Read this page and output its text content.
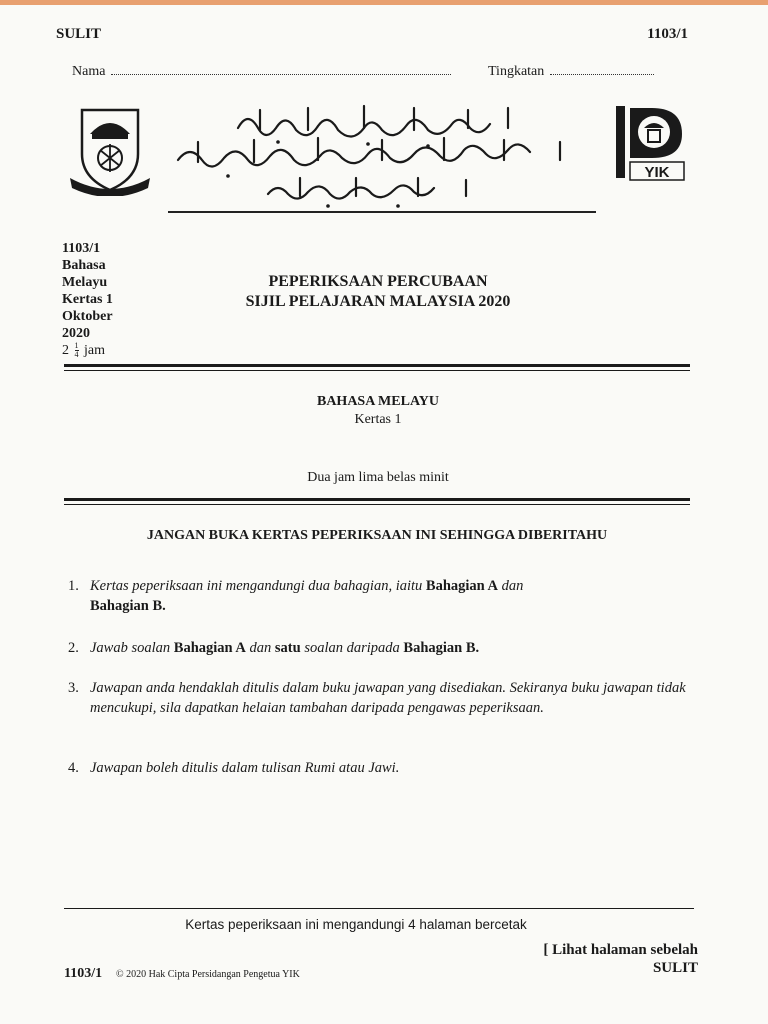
SULIT	1103/1
Nama	Tingkatan
YIK
1103/1
Bahasa
Melayu
Kertas 1
Oktober
2020
$2 \frac{1}{4}$ jam
PEPERIKSAAN PERCUBAAN
SIJIL PELAJARAN MALAYSIA 2020
BAHASA MELAYU
Kertas 1
Dua jam lima belas minit
JANGAN BUKA KERTAS PEPERIKSAAN INI SEHINGGA DIBERITAHU
1. Kertas peperiksaan ini mengandungi dua bahagian, iaitu Bahagian A dan
Bahagian B.
2. Jawab soalan Bahagian A dan satu soalan daripada Bahagian B.
3. Jawapan anda hendaklah ditulis dalam buku jawapan yang disediakan. Sekiranya buku jawapan tidak mencukupi, sila dapatkan helaian tambahan daripada pengawas peperiksaan.
4. Jawapan boleh ditulis dalam tulisan Rumi atau Jawi.
Kertas peperiksaan ini mengandungi 4 halaman bercetak
[ Lihat halaman sebelah
SULIT
1103/1 © 2020 Hak Cipta Persidangan Pengetua YIK
